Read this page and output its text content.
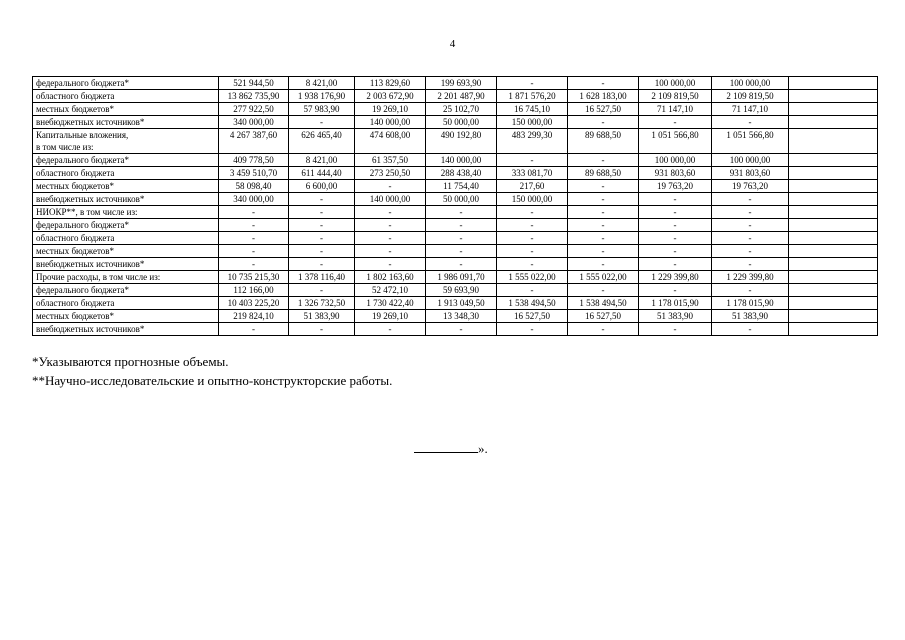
4
федерального бюджета*	521 944,50	8 421,00	113 829,60	199 693,90	-	-	100 000,00	100 000,00	
областного бюджета	13 862 735,90	1 938 176,90	2 003 672,90	2 201 487,90	1 871 576,20	1 628 183,00	2 109 819,50	2 109 819,50	
местных бюджетов*	277 922,50	57 983,90	19 269,10	25 102,70	16 745,10	16 527,50	71 147,10	71 147,10	
внебюджетных источников*	340 000,00	-	140 000,00	50 000,00	150 000,00	-	-	-	
Капитальные вложения,
в том числе из:	4 267 387,60	626 465,40	474 608,00	490 192,80	483 299,30	89 688,50	1 051 566,80	1 051 566,80	
федерального бюджета*	409 778,50	8 421,00	61 357,50	140 000,00	-	-	100 000,00	100 000,00	
областного бюджета	3 459 510,70	611 444,40	273 250,50	288 438,40	333 081,70	89 688,50	931 803,60	931 803,60	
местных бюджетов*	58 098,40	6 600,00	-	11 754,40	217,60	-	19 763,20	19 763,20	
внебюджетных источников*	340 000,00	-	140 000,00	50 000,00	150 000,00	-	-	-	
НИОКР**, в том числе из:	-	-	-	-	-	-	-	-	
федерального бюджета*	-	-	-	-	-	-	-	-	
областного бюджета	-	-	-	-	-	-	-	-	
местных бюджетов*	-	-	-	-	-	-	-	-	
внебюджетных источников*	-	-	-	-	-	-	-	-	
Прочие расходы, в том числе из:	10 735 215,30	1 378 116,40	1 802 163,60	1 986 091,70	1 555 022,00	1 555 022,00	1 229 399,80	1 229 399,80	
федерального бюджета*	112 166,00	-	52 472,10	59 693,90	-	-	-	-	
областного бюджета	10 403 225,20	1 326 732,50	1 730 422,40	1 913 049,50	1 538 494,50	1 538 494,50	1 178 015,90	1 178 015,90	
местных бюджетов*	219 824,10	51 383,90	19 269,10	13 348,30	16 527,50	16 527,50	51 383,90	51 383,90	
внебюджетных источников*	-	-	-	-	-	-	-	-	

*Указываются прогнозные объемы.

**Научно-исследовательские и опытно-конструкторские работы.

».
